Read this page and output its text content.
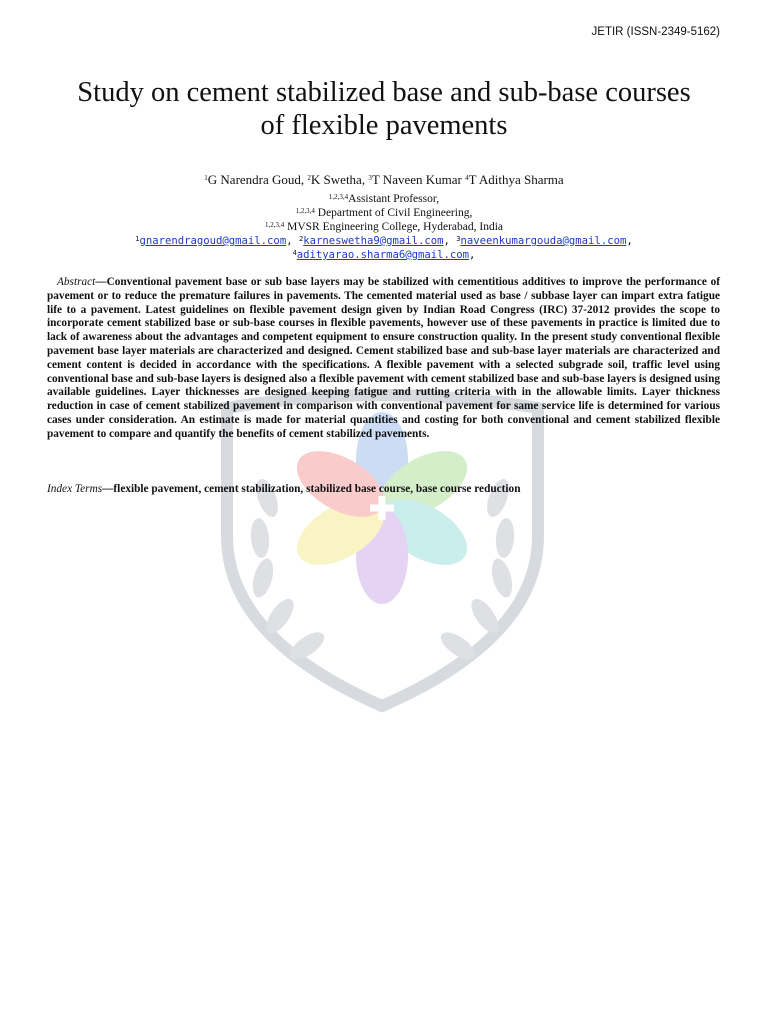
JETIR (ISSN-2349-5162)
Study on cement stabilized base and sub-base courses
of flexible pavements
$^1$G Narendra Goud, $^2$K Swetha, $^3$T Naveen Kumar $^4$T Adithya Sharma
$^{1,2,3,4}$Assistant Professor,
$^{1,2,3,4}$ Department of Civil Engineering,
$^{1,2,3,4}$ MVSR Engineering College, Hyderabad, India
$^1$gnarendragoud@gmail.com, $^2$karneswetha9@gmail.com, $^3$naveenkumargouda@gmail.com,
$^4$adityarao.sharma6@gmail.com,

Abstract—Conventional pavement base or sub base layers may be stabilized with cementitious additives to improve the performance of pavement or to reduce the premature failures in pavements. The cemented material used as base / subbase layer can impart extra fatigue life to a pavement. Latest guidelines on flexible pavement design given by Indian Road Congress (IRC) 37-2012 provides the scope to incorporate cement stabilized base or sub-base courses in flexible pavements, however use of these pavements in practice is limited due to lack of awareness about the advantages and competent equipment to ensure construction quality. In the present study conventional flexible pavement base layer materials are characterized and designed. Cement stabilized base and sub-base layer materials are characterized and cement content is decided in accordance with the specifications. A flexible pavement with a selected subgrade soil, traffic level using conventional base and sub-base layers is designed also a flexible pavement with cement stabilized base and sub-base layers is designed using available guidelines. Layer thicknesses are designed keeping fatigue and rutting criteria with in the allowable limits. Layer thickness reduction in case of cement stabilized pavement in comparison with conventional pavement for same service life is determined for various cases under consideration. An estimate is made for material quantities and costing for both conventional and cement stabilized flexible pavement to compare and quantify the benefits of cement stabilized pavements.

Index Terms—flexible pavement, cement stabilization, stabilized base course, base course reduction
